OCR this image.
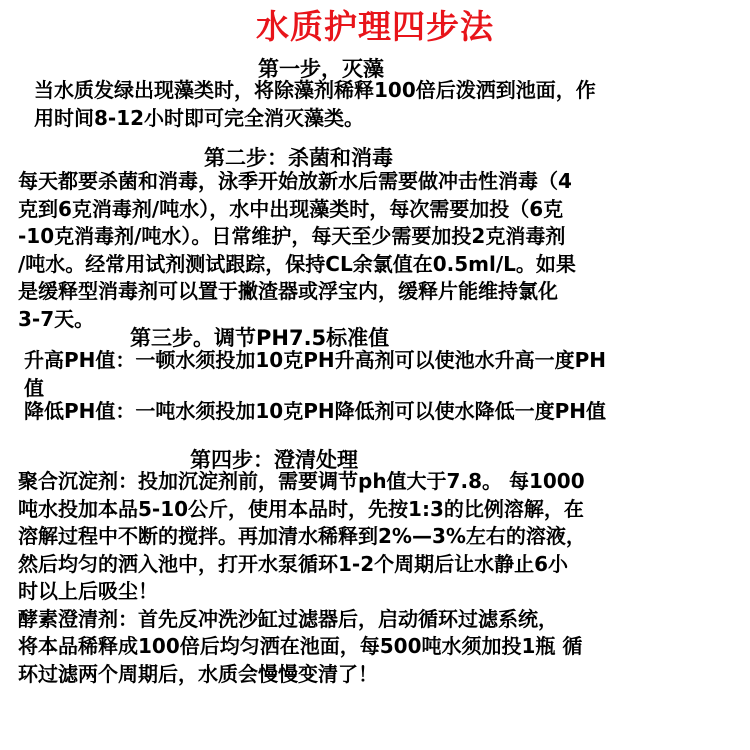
水质护理四步法
第一步，灭藻
当水质发绿出现藻类时，将除藻剂稀释100倍后泼洒到池面，作
用时间8-12小时即可完全消灭藻类。
第二步：杀菌和消毒
每天都要杀菌和消毒，泳季开始放新水后需要做冲击性消毒（4
克到6克消毒剂/吨水），水中出现藻类时，每次需要加投（6克
-10克消毒剂/吨水）。日常维护，每天至少需要加投2克消毒剂
/吨水。经常用试剂测试跟踪，保持CL余氯值在0.5ml/L。如果
是缓释型消毒剂可以置于撇渣器或浮宝内，缓释片能维持氯化
3-7天。
第三步。调节PH7.5标准值
升高PH值：一顿水须投加10克PH升高剂可以使池水升高一度PH
值
降低PH值：一吨水须投加10克PH降低剂可以使水降低一度PH值
第四步：澄清处理
聚合沉淀剂：投加沉淀剂前，需要调节ph值大于7.8。 每1000
吨水投加本品5-10公斤，使用本品时，先按1:3的比例溶解，在
溶解过程中不断的搅拌。再加清水稀释到2%—3%左右的溶液，
然后均匀的洒入池中，打开水泵循环1-2个周期后让水静止6小
时以上后吸尘！
酵素澄清剂：首先反冲洗沙缸过滤器后，启动循环过滤系统，
将本品稀释成100倍后均匀洒在池面，每500吨水须加投1瓶 循
环过滤两个周期后，水质会慢慢变清了！
